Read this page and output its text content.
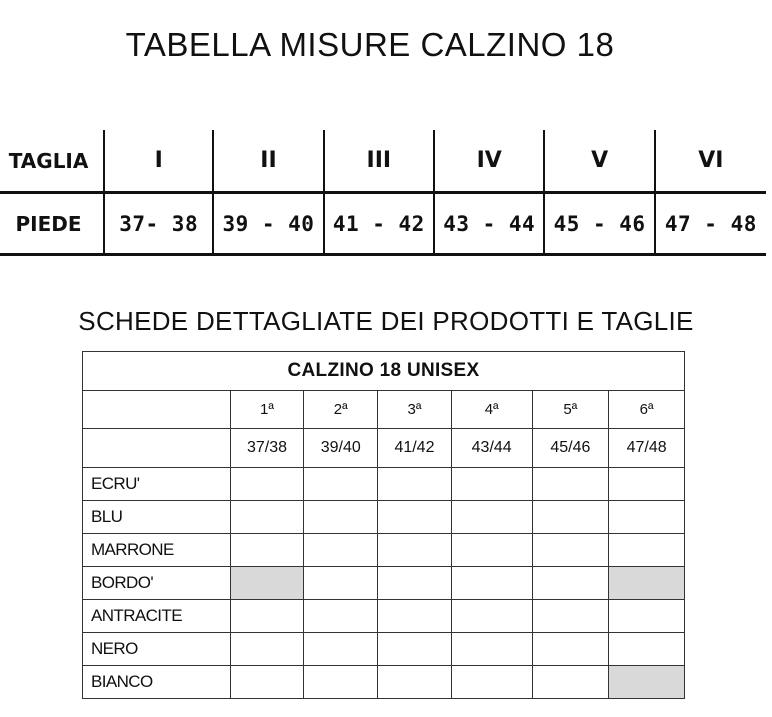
TABELLA MISURE CALZINO 18
TAGLIA	I	II	III	IV	V	VI
PIEDE	37- 38	39 - 40	41 - 42	43 - 44	45 - 46	47 - 48
SCHEDE DETTAGLIATE DEI PRODOTTI E TAGLIE
CALZINO 18 UNISEX						
	1ª	2ª	3ª	4ª	5ª	6ª
	37/38	39/40	41/42	43/44	45/46	47/48
ECRU'						
BLU						
MARRONE						
BORDO'						
ANTRACITE						
NERO						
BIANCO						
